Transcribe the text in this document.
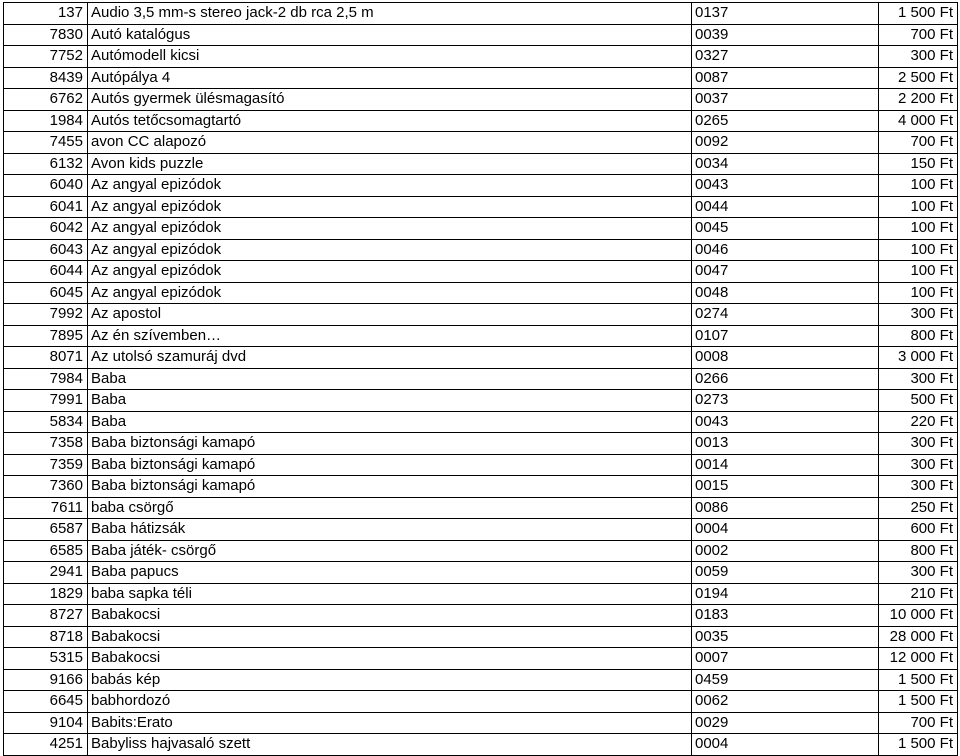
137	Audio 3,5 mm-s stereo jack-2 db rca 2,5 m	0137	1 500 Ft
7830	Autó katalógus	0039	700 Ft
7752	Autómodell kicsi	0327	300 Ft
8439	Autópálya 4	0087	2 500 Ft
6762	Autós gyermek ülésmagasító	0037	2 200 Ft
1984	Autós tetőcsomagtartó	0265	4 000 Ft
7455	avon CC alapozó	0092	700 Ft
6132	Avon kids puzzle	0034	150 Ft
6040	Az angyal epizódok	0043	100 Ft
6041	Az angyal epizódok	0044	100 Ft
6042	Az angyal epizódok	0045	100 Ft
6043	Az angyal epizódok	0046	100 Ft
6044	Az angyal epizódok	0047	100 Ft
6045	Az angyal epizódok	0048	100 Ft
7992	Az apostol	0274	300 Ft
7895	Az én szívemben…	0107	800 Ft
8071	Az utolsó szamuráj dvd	0008	3 000 Ft
7984	Baba	0266	300 Ft
7991	Baba	0273	500 Ft
5834	Baba	0043	220 Ft
7358	Baba biztonsági kamapó	0013	300 Ft
7359	Baba biztonsági kamapó	0014	300 Ft
7360	Baba biztonsági kamapó	0015	300 Ft
7611	baba csörgő	0086	250 Ft
6587	Baba hátizsák	0004	600 Ft
6585	Baba játék- csörgő	0002	800 Ft
2941	Baba papucs	0059	300 Ft
1829	baba sapka téli	0194	210 Ft
8727	Babakocsi	0183	10 000 Ft
8718	Babakocsi	0035	28 000 Ft
5315	Babakocsi	0007	12 000 Ft
9166	babás kép	0459	1 500 Ft
6645	babhordozó	0062	1 500 Ft
9104	Babits:Erato	0029	700 Ft
4251	Babyliss hajvasaló szett	0004	1 500 Ft
